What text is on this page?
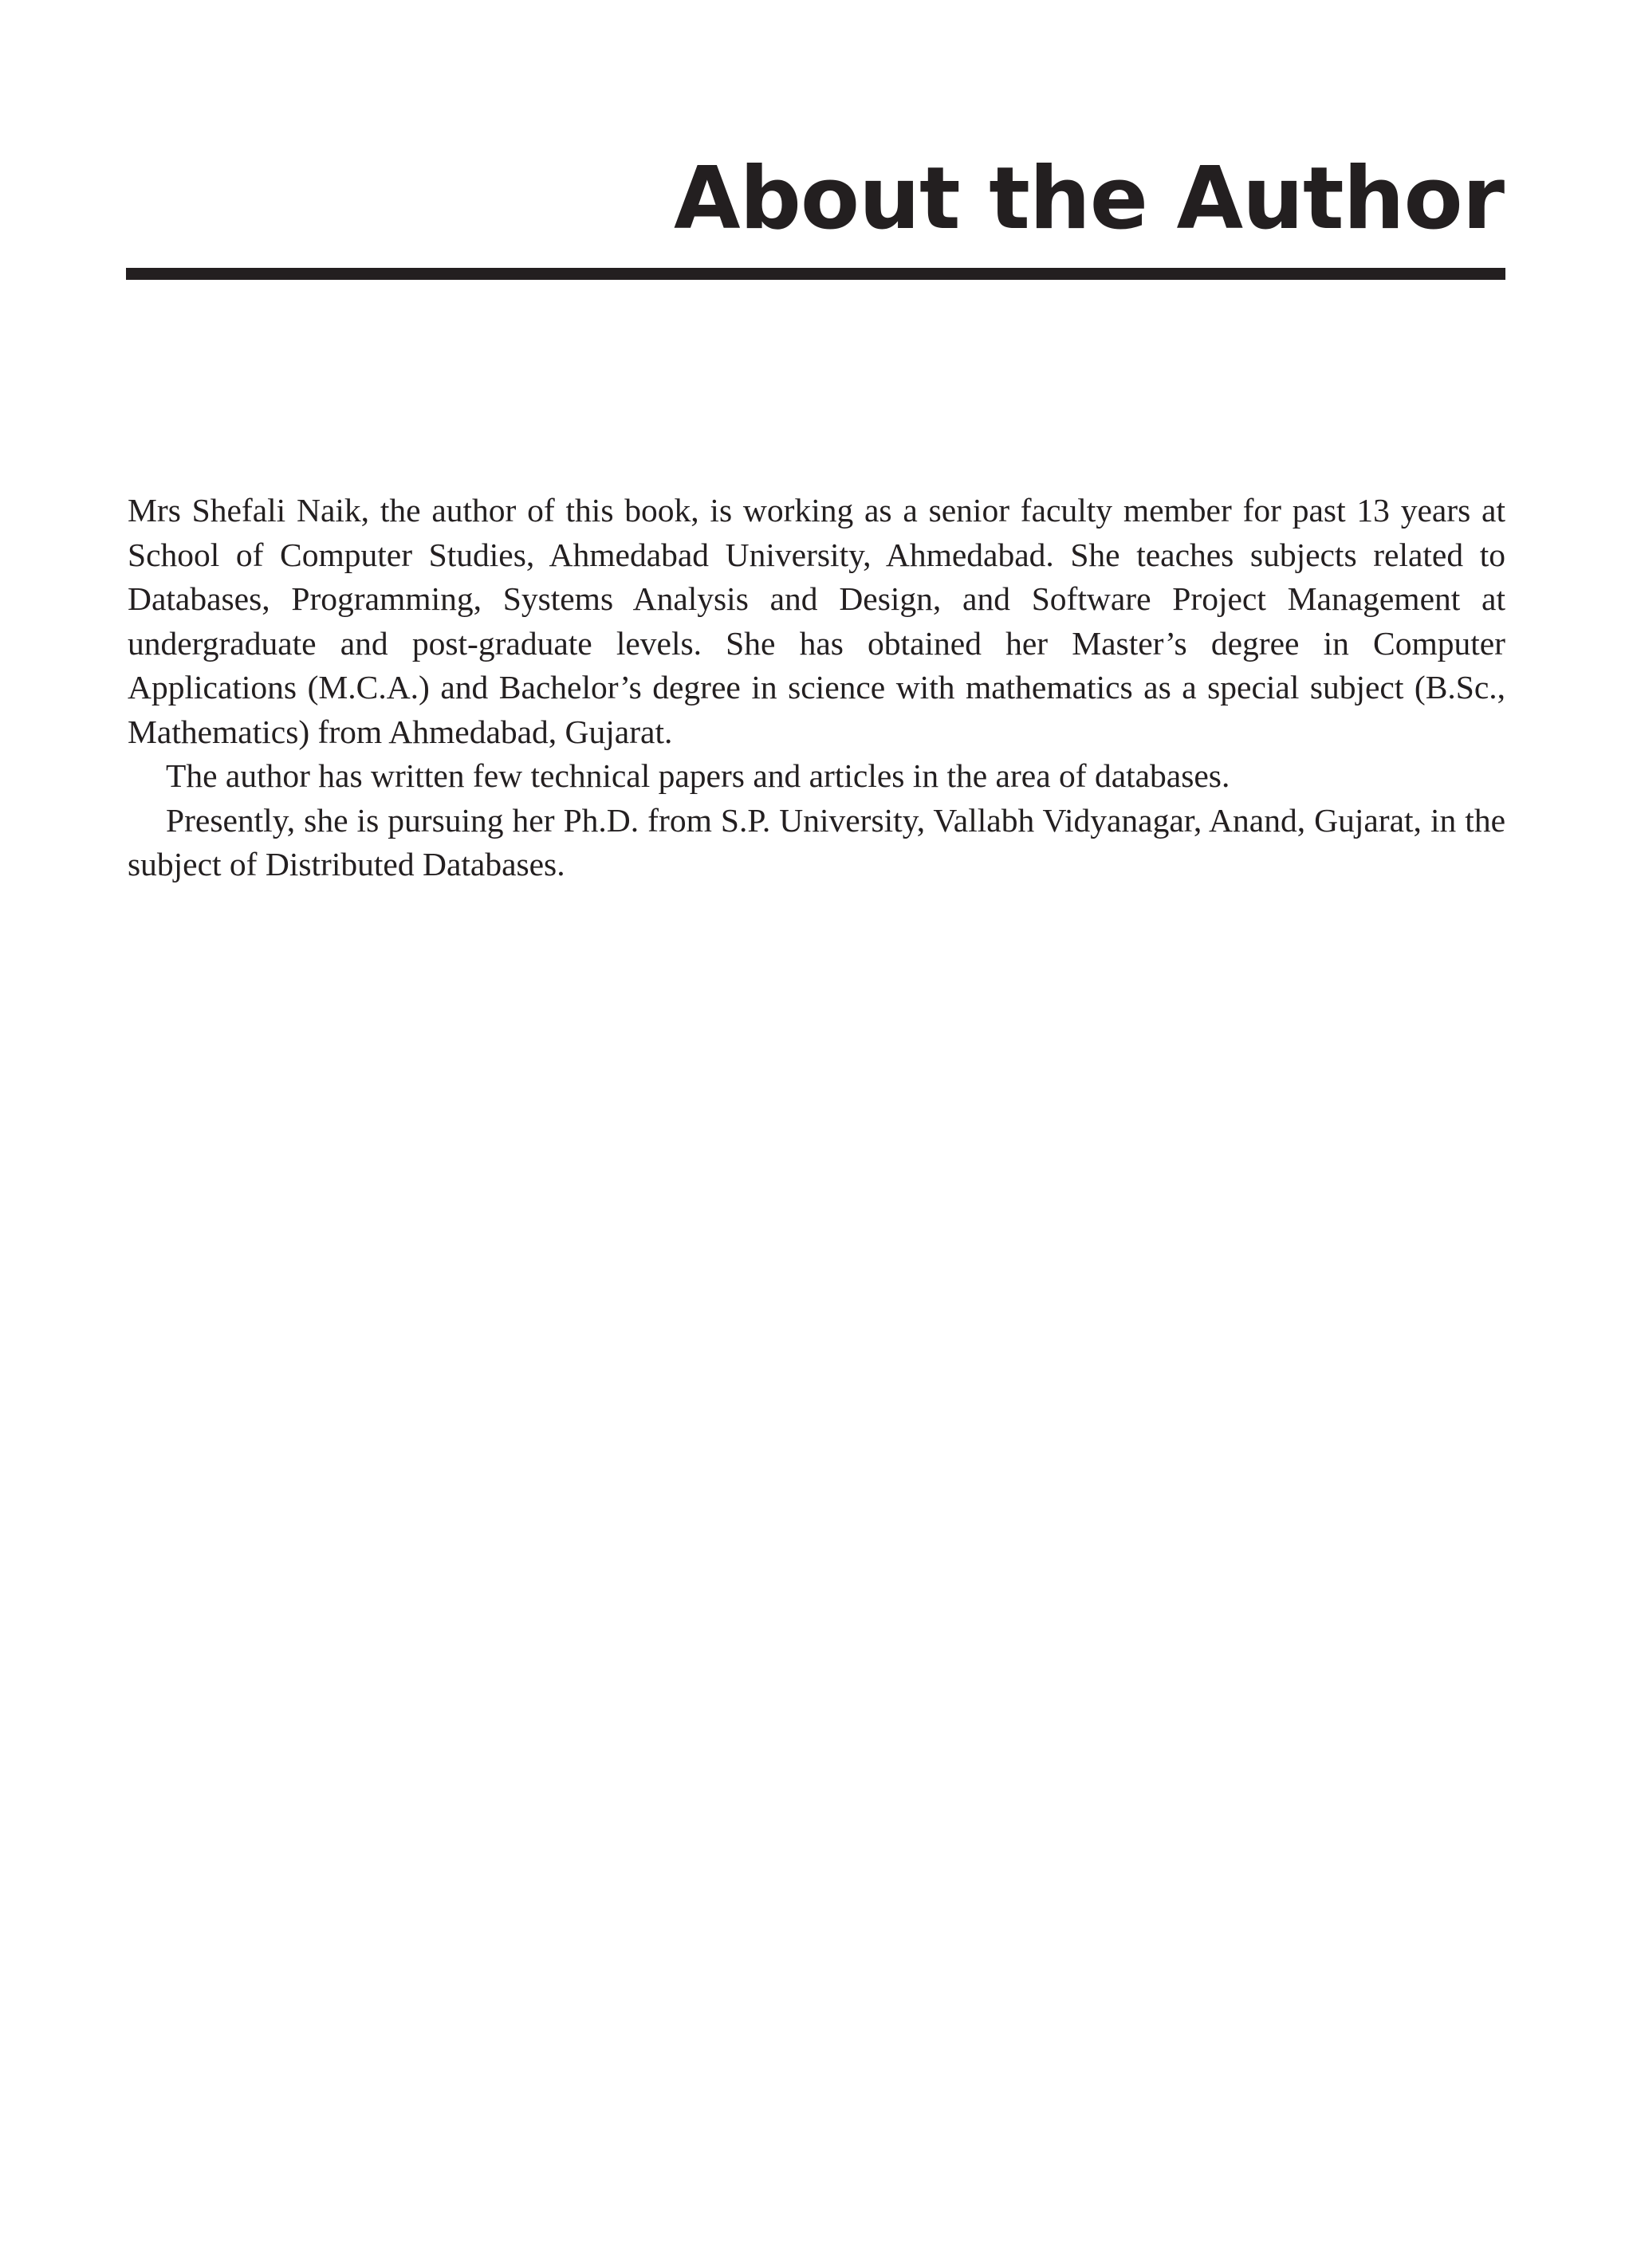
About the Author

Mrs Shefali Naik, the author of this book, is working as a senior faculty member for past 13 years at School of Computer Studies, Ahmedabad University, Ahmedabad. She teaches subjects related to Databases, Programming, Systems Analysis and Design, and Software Project Management at undergraduate and post-graduate levels. She has obtained her Master’s degree in Computer Applications (M.C.A.) and Bachelor’s degree in science with mathematics as a special subject (B.Sc., Mathematics) from Ahmedabad, Gujarat.

The author has written few technical papers and articles in the area of databases.

Presently, she is pursuing her Ph.D. from S.P. University, Vallabh Vidyanagar, Anand, Gujarat, in the subject of Distributed Databases.
